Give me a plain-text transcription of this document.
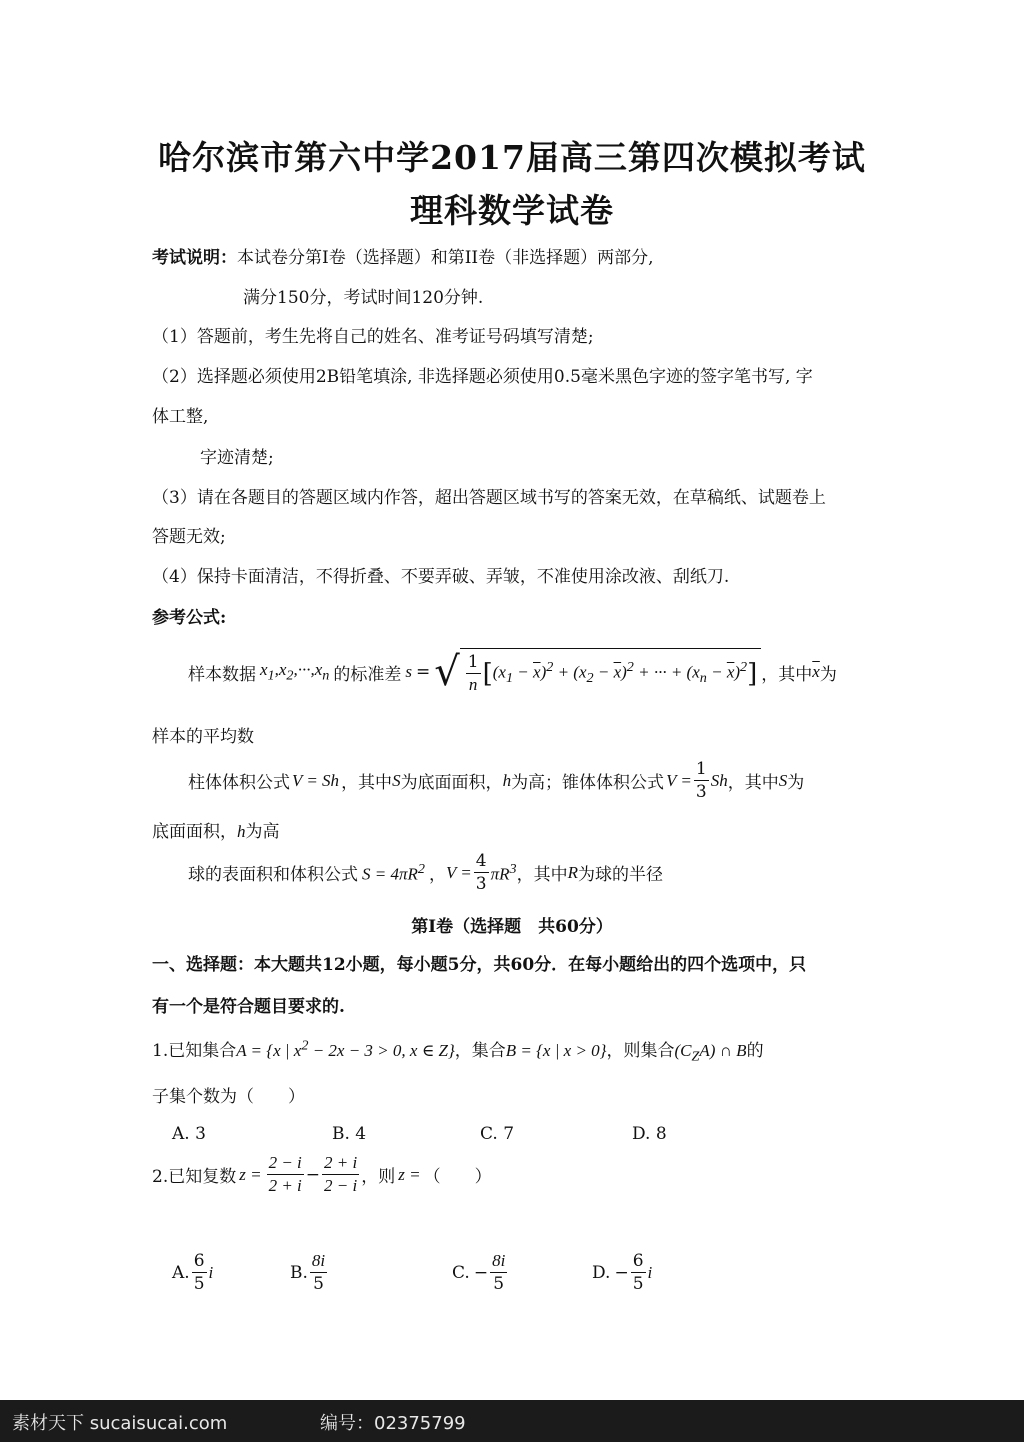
哈尔滨市第六中学2017届高三第四次模拟考试
理科数学试卷
考试说明：本试卷分第I卷（选择题）和第II卷（非选择题）两部分,
满分150分，考试时间120分钟.
（1）答题前，考生先将自己的姓名、准考证号码填写清楚;
（2）选择题必须使用2B铅笔填涂, 非选择题必须使用0.5毫米黑色字迹的签字笔书写, 字
体工整,
字迹清楚;
（3）请在各题目的答题区域内作答，超出答题区域书写的答案无效，在草稿纸、试题卷上
答题无效;
（4）保持卡面清洁，不得折叠、不要弄破、弄皱，不准使用涂改液、刮纸刀.
参考公式:
样本数据 $x_1,x_2,\cdot\cdot\cdot,x_n$ 的标准差 s = √ $\frac{1}{n}$ [ $(x_1 - \overline{x})^2 + (x_2 - \overline{x})^2$ + ··· + $(x_n - \overline{x})^2$ ] ，其中 $\overline{x}$ 为
样本的平均数
柱体体积公式 V = Sh ，其中 S 为底面面积， h 为高；锥体体积公式 $V = \frac{1}{3}$ Sh ，其中 S 为
底面面积，h为高
球的表面积和体积公式 $S = 4\pi R^2$ ， $V = \frac{4}{3} \pi R^3$ ，其中 R 为球的半径
第I卷（选择题　共60分）
一、选择题：本大题共12小题，每小题5分，共60分．在每小题给出的四个选项中，只
有一个是符合题目要求的.
1.已知集合A = {x | $x^2 - 2x - 3 > 0$, x ∈ Z}，集合B = {x | x > 0}，则集合$(C_ZA)$ ∩ B的
子集个数为（　　）
A. 3	B. 4	C. 7	D. 8
2.已知复数 $z = \frac{2 - i}{2 + i} - \frac{2 + i}{2 - i}$ ，则 z = （　　）
A. $\frac{6}{5}$ i	B. $\frac{8i}{5}$	C. − $\frac{8i}{5}$	D. − $\frac{6}{5}$ i
素材天下 sucaisucai.com	编号：02375799
